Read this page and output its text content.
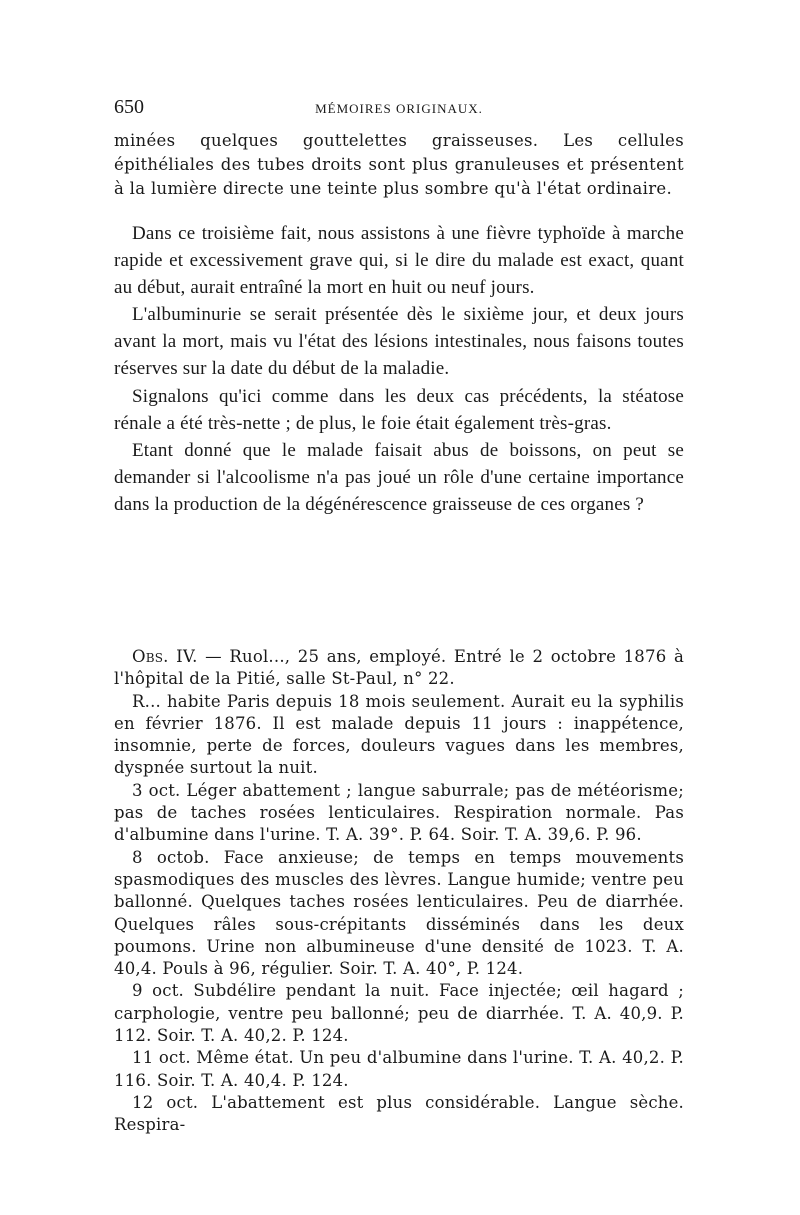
650	MÉMOIRES ORIGINAUX.

minées quelques gouttelettes graisseuses. Les cellules épithéliales des tubes droits sont plus granuleuses et présentent à la lumière directe une teinte plus sombre qu'à l'état ordinaire.

Dans ce troisième fait, nous assistons à une fièvre typhoïde à marche rapide et excessivement grave qui, si le dire du malade est exact, quant au début, aurait entraîné la mort en huit ou neuf jours.

L'albuminurie se serait présentée dès le sixième jour, et deux jours avant la mort, mais vu l'état des lésions intestinales, nous faisons toutes réserves sur la date du début de la maladie.

Signalons qu'ici comme dans les deux cas précédents, la stéatose rénale a été très-nette ; de plus, le foie était également très-gras.

Etant donné que le malade faisait abus de boissons, on peut se demander si l'alcoolisme n'a pas joué un rôle d'une certaine importance dans la production de la dégénérescence graisseuse de ces organes ?

Obs. IV. — Ruol..., 25 ans, employé. Entré le 2 octobre 1876 à l'hôpital de la Pitié, salle St-Paul, n° 22.

R... habite Paris depuis 18 mois seulement. Aurait eu la syphilis en février 1876. Il est malade depuis 11 jours : inappétence, insomnie, perte de forces, douleurs vagues dans les membres, dyspnée surtout la nuit.

3 oct. Léger abattement ; langue saburrale; pas de météorisme; pas de taches rosées lenticulaires. Respiration normale. Pas d'albumine dans l'urine. T. A. 39°. P. 64. Soir. T. A. 39,6. P. 96.

8 octob. Face anxieuse; de temps en temps mouvements spasmodiques des muscles des lèvres. Langue humide; ventre peu ballonné. Quelques taches rosées lenticulaires. Peu de diarrhée. Quelques râles sous-crépitants disséminés dans les deux poumons. Urine non albumineuse d'une densité de 1023. T. A. 40,4. Pouls à 96, régulier. Soir. T. A. 40°, P. 124.

9 oct. Subdélire pendant la nuit. Face injectée; œil hagard ; carphologie, ventre peu ballonné; peu de diarrhée. T. A. 40,9. P. 112. Soir. T. A. 40,2. P. 124.

11 oct. Même état. Un peu d'albumine dans l'urine. T. A. 40,2. P. 116. Soir. T. A. 40,4. P. 124.

12 oct. L'abattement est plus considérable. Langue sèche. Respira-
